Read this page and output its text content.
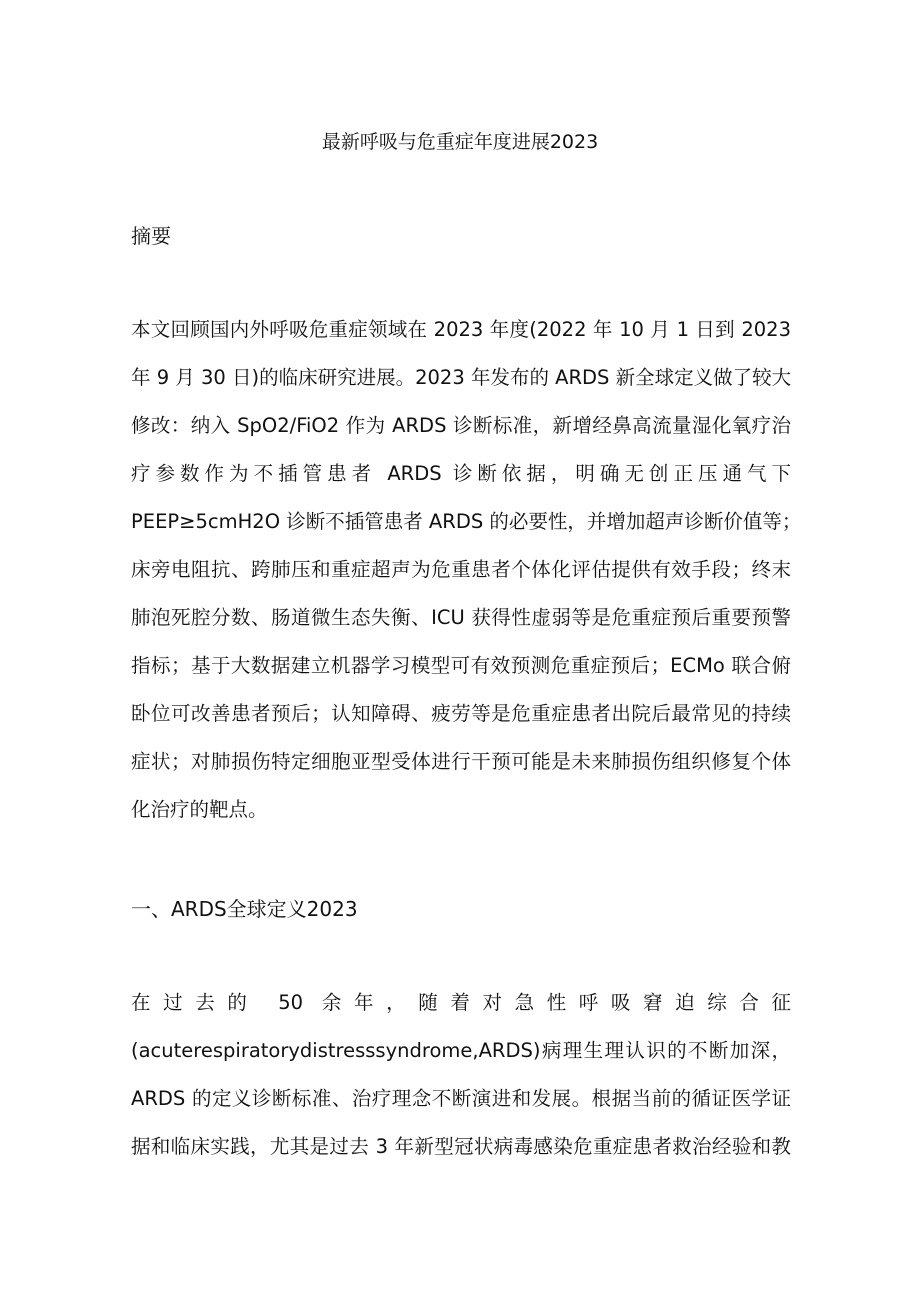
最新呼吸与危重症年度进展2023
摘要
本文回顾国内外呼吸危重症领域在 2023 年度(2022 年 10 月 1 日到 2023
年 9 月 30 日)的临床研究进展。2023 年发布的 ARDS 新全球定义做了较大
修改：纳入 SpO2/FiO2 作为 ARDS 诊断标准，新增经鼻高流量湿化氧疗治
疗参数作为不插管患者 ARDS 诊断依据，明确无创正压通气下
PEEP≥5cmH2O 诊断不插管患者 ARDS 的必要性，并增加超声诊断价值等；
床旁电阻抗、跨肺压和重症超声为危重患者个体化评估提供有效手段；终末
肺泡死腔分数、肠道微生态失衡、ICU 获得性虚弱等是危重症预后重要预警
指标；基于大数据建立机器学习模型可有效预测危重症预后；ECMo 联合俯
卧位可改善患者预后；认知障碍、疲劳等是危重症患者出院后最常见的持续
症状；对肺损伤特定细胞亚型受体进行干预可能是未来肺损伤组织修复个体
化治疗的靶点。
一、ARDS全球定义2023
在过去的 50 余年，随着对急性呼吸窘迫综合征
(acuterespiratorydistresssyndrome,ARDS)病理生理认识的不断加深，
ARDS 的定义诊断标准、治疗理念不断演进和发展。根据当前的循证医学证
据和临床实践，尤其是过去 3 年新型冠状病毒感染危重症患者救治经验和教
